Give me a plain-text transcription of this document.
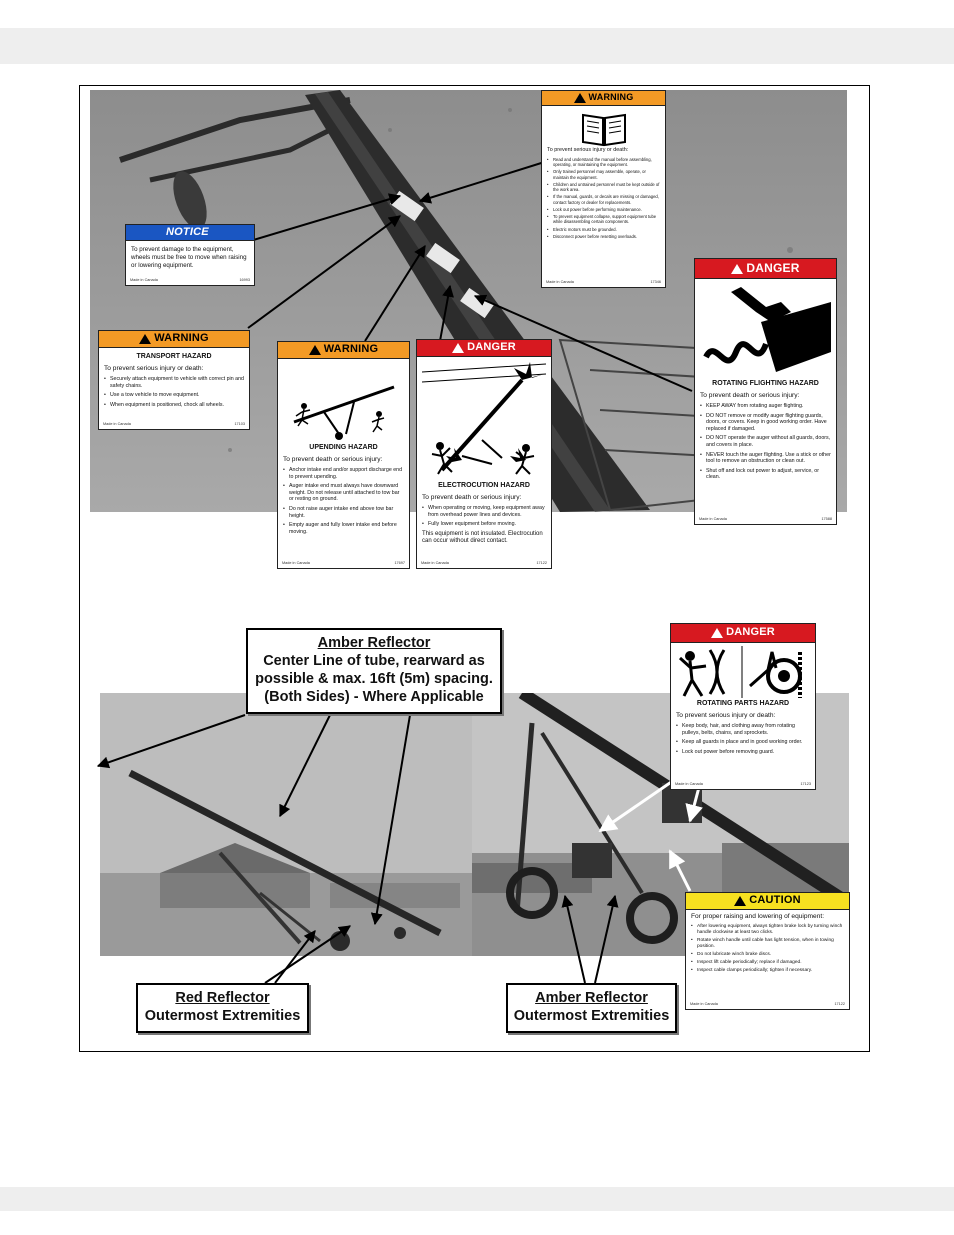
WARNING
To prevent serious injury or death:
• Read and understand the manual before assembling, operating, or maintaining the equipment.
• Only trained personnel may assemble, operate, or maintain the equipment.
• Children and untrained personnel must be kept outside of the work area.
• If the manual, guards, or decals are missing or damaged, contact factory or dealer for replacements.
• Lock out power before performing maintenance.
• To prevent equipment collapse, support equipment tube while disassembling certain components.
• Electric motors must be grounded.
• Disconnect power before resetting overloads.
Made in Canada	17346
NOTICE
To prevent damage to the equipment, wheels must be free to move when raising or lowering equipment.
Made in Canada	16993
WARNING
TRANSPORT HAZARD
To prevent serious injury or death:
• Securely attach equipment to vehicle with correct pin and safety chains.
• Use a tow vehicle to move equipment.
• When equipment is positioned, chock all wheels.
Made in Canada	17103
WARNING
UPENDING HAZARD
To prevent death or serious injury:
• Anchor intake end and/or support discharge end to prevent upending.
• Auger intake end must always have downward weight. Do not release until attached to tow bar or resting on ground.
• Do not raise auger intake end above tow bar height.
• Empty auger and fully lower intake end before moving.
Made in Canada	17697
DANGER
ELECTROCUTION HAZARD
To prevent death or serious injury:
• When operating or moving, keep equipment away from overhead power lines and devices.
• Fully lower equipment before moving.
This equipment is not insulated. Electrocution can occur without direct contact.
Made in Canada	17122
DANGER
ROTATING FLIGHTING HAZARD
To prevent death or serious injury:
• KEEP AWAY from rotating auger flighting.
• DO NOT remove or modify auger flighting guards, doors, or covers. Keep in good working order. Have replaced if damaged.
• DO NOT operate the auger without all guards, doors, and covers in place.
• NEVER touch the auger flighting. Use a stick or other tool to remove an obstruction or clean out.
• Shut off and lock out power to adjust, service, or clean.
Made in Canada	17588
DANGER
ROTATING PARTS HAZARD
To prevent serious injury or death:
• Keep body, hair, and clothing away from rotating pulleys, belts, chains, and sprockets.
• Keep all guards in place and in good working order.
• Lock out power before removing guard.
Made in Canada	17123
CAUTION
For proper raising and lowering of equipment:
• After lowering equipment, always tighten brake lock by turning winch handle clockwise at least two clicks.
• Rotate winch handle until cable has light tension, when in towing position.
• Do not lubricate winch brake discs.
• Inspect lift cable periodically; replace if damaged.
• Inspect cable clamps periodically; tighten if necessary.
Made in Canada	17122
Amber Reflector
Center Line of tube, rearward as
possible & max. 16ft (5m) spacing.
(Both Sides) - Where Applicable
Red Reflector
Outermost Extremities
Amber Reflector
Outermost Extremities
